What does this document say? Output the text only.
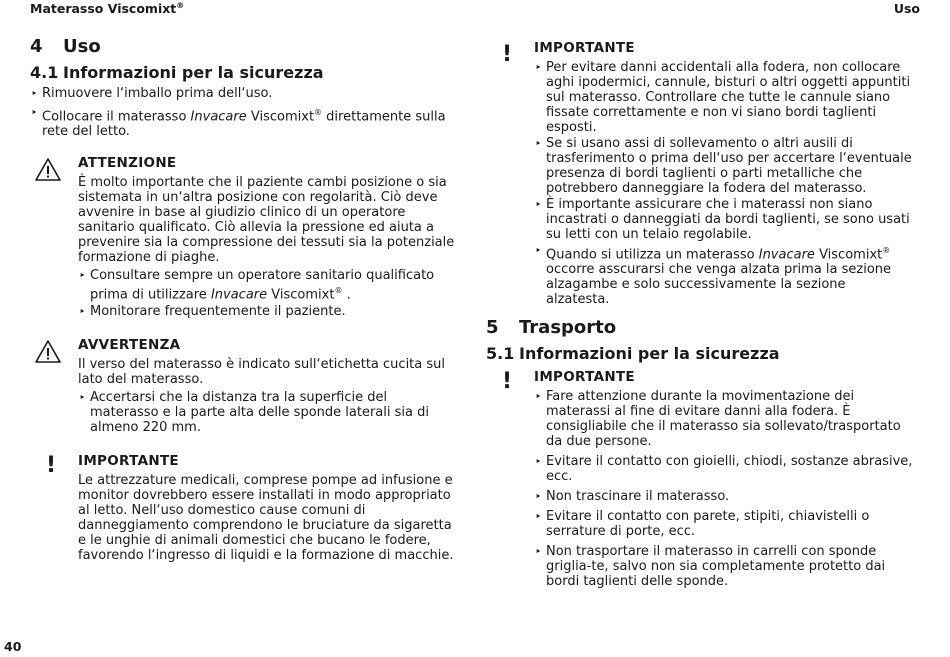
Materasso Viscomixt®	Uso
4 Uso
4.1 Informazioni per la sicurezza
‣ Rimuovere l‘imballo prima dell‘uso.
‣ Collocare il materasso Invacare Viscomixt® direttamente sulla rete del letto.
ATTENZIONE

È molto importante che il paziente cambi posizione o sia sistemata in un‘altra posizione con regolarità. Ciò deve avvenire in base al giudizio clinico di un operatore sanitario qualificato. Ciò allevia la pressione ed aiuta a prevenire sia la compressione dei tessuti sia la potenziale formazione di piaghe.

‣ Consultare sempre un operatore sanitario qualificato prima di utilizzare Invacare Viscomixt® .
‣ Monitorare frequentemente il paziente.
AVVERTENZA

Il verso del materasso è indicato sull‘etichetta cucita sul lato del materasso.

‣ Accertarsi che la distanza tra la superficie del materasso e la parte alta delle sponde laterali sia di almeno 220 mm.
!	IMPORTANTE

Le attrezzature medicali, comprese pompe ad infusione e monitor dovrebbero essere installati in modo appropriato al letto. Nell‘uso domestico cause comuni di danneggiamento comprendono le bruciature da sigaretta e le unghie di animali domestici che bucano le fodere, favorendo l‘ingresso di liquidi e la formazione di macchie.

!	IMPORTANTE
‣ Per evitare danni accidentali alla fodera, non collocare aghi ipodermici, cannule, bisturi o altri oggetti appuntiti sul materasso. Controllare che tutte le cannule siano fissate correttamente e non vi siano bordi taglienti esposti.
‣ Se si usano assi di sollevamento o altri ausili di trasferimento o prima dell‘uso per accertare l‘eventuale presenza di bordi taglienti o parti metalliche che potrebbero danneggiare la fodera del materasso.
‣ È importante assicurare che i materassi non siano incastrati o danneggiati da bordi taglienti, se sono usati su letti con un telaio regolabile.
‣ Quando si utilizza un materasso Invacare Viscomixt® occorre asscurarsi che venga alzata prima la sezione alzagambe e solo successivamente la sezione alzatesta.
5 Trasporto
5.1 Informazioni per la sicurezza
!	IMPORTANTE
‣ Fare attenzione durante la movimentazione dei materassi al fine di evitare danni alla fodera. È consigliabile che il materasso sia sollevato/trasportato da due persone.
‣ Evitare il contatto con gioielli, chiodi, sostanze abrasive, ecc.
‣ Non trascinare il materasso.
‣ Evitare il contatto con parete, stipiti, chiavistelli o serrature di porte, ecc.
‣ Non trasportare il materasso in carrelli con sponde griglia-te, salvo non sia completamente protetto dai bordi taglienti delle sponde.
40
